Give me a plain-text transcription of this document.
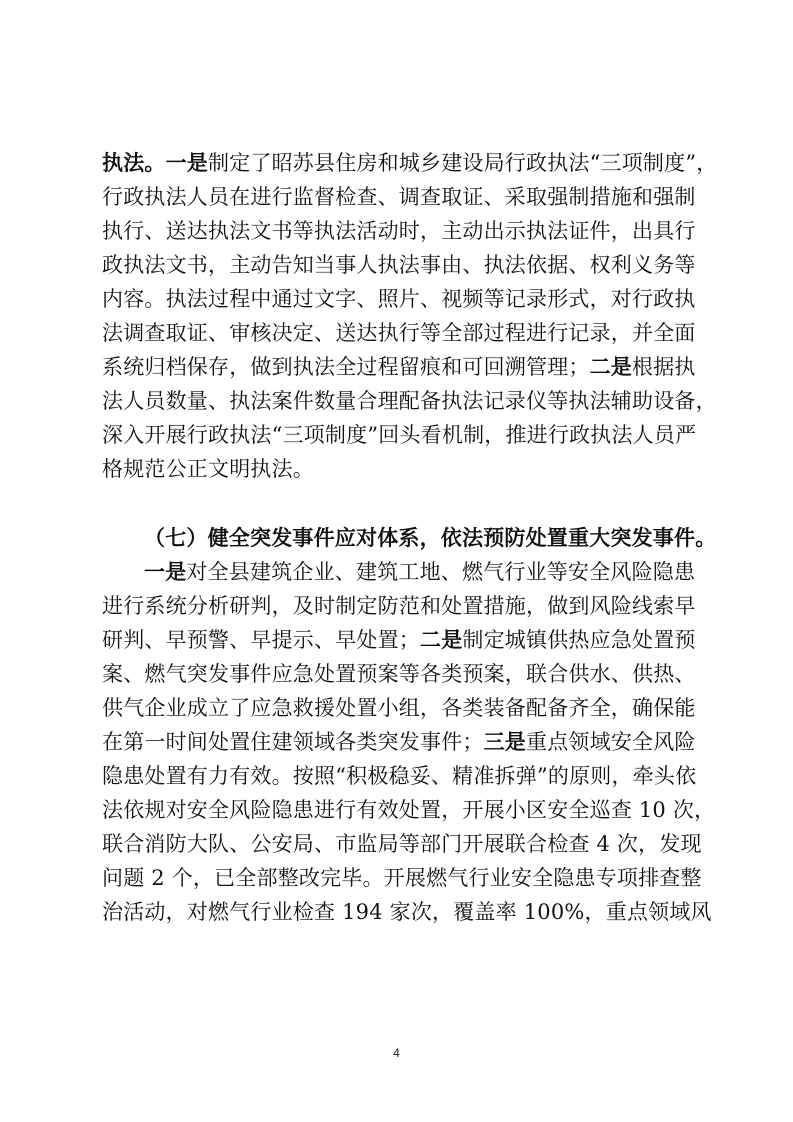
执法。一是制定了昭苏县住房和城乡建设局行政执法“三项制度”，
行政执法人员在进行监督检查、调查取证、采取强制措施和强制
执行、送达执法文书等执法活动时，主动出示执法证件，出具行
政执法文书，主动告知当事人执法事由、执法依据、权利义务等
内容。执法过程中通过文字、照片、视频等记录形式，对行政执
法调查取证、审核决定、送达执行等全部过程进行记录，并全面
系统归档保存，做到执法全过程留痕和可回溯管理；二是根据执
法人员数量、执法案件数量合理配备执法记录仪等执法辅助设备，
深入开展行政执法“三项制度”回头看机制，推进行政执法人员严
格规范公正文明执法。
（七）健全突发事件应对体系，依法预防处置重大突发事件。
一是对全县建筑企业、建筑工地、燃气行业等安全风险隐患
进行系统分析研判，及时制定防范和处置措施，做到风险线索早
研判、早预警、早提示、早处置；二是制定城镇供热应急处置预
案、燃气突发事件应急处置预案等各类预案，联合供水、供热、
供气企业成立了应急救援处置小组，各类装备配备齐全，确保能
在第一时间处置住建领域各类突发事件；三是重点领域安全风险
隐患处置有力有效。按照“积极稳妥、精准拆弹”的原则，牵头依
法依规对安全风险隐患进行有效处置，开展小区安全巡查 10 次，
联合消防大队、公安局、市监局等部门开展联合检查 4 次，发现
问题 2 个，已全部整改完毕。开展燃气行业安全隐患专项排查整
治活动，对燃气行业检查 194 家次，覆盖率 100%，重点领域风
4
